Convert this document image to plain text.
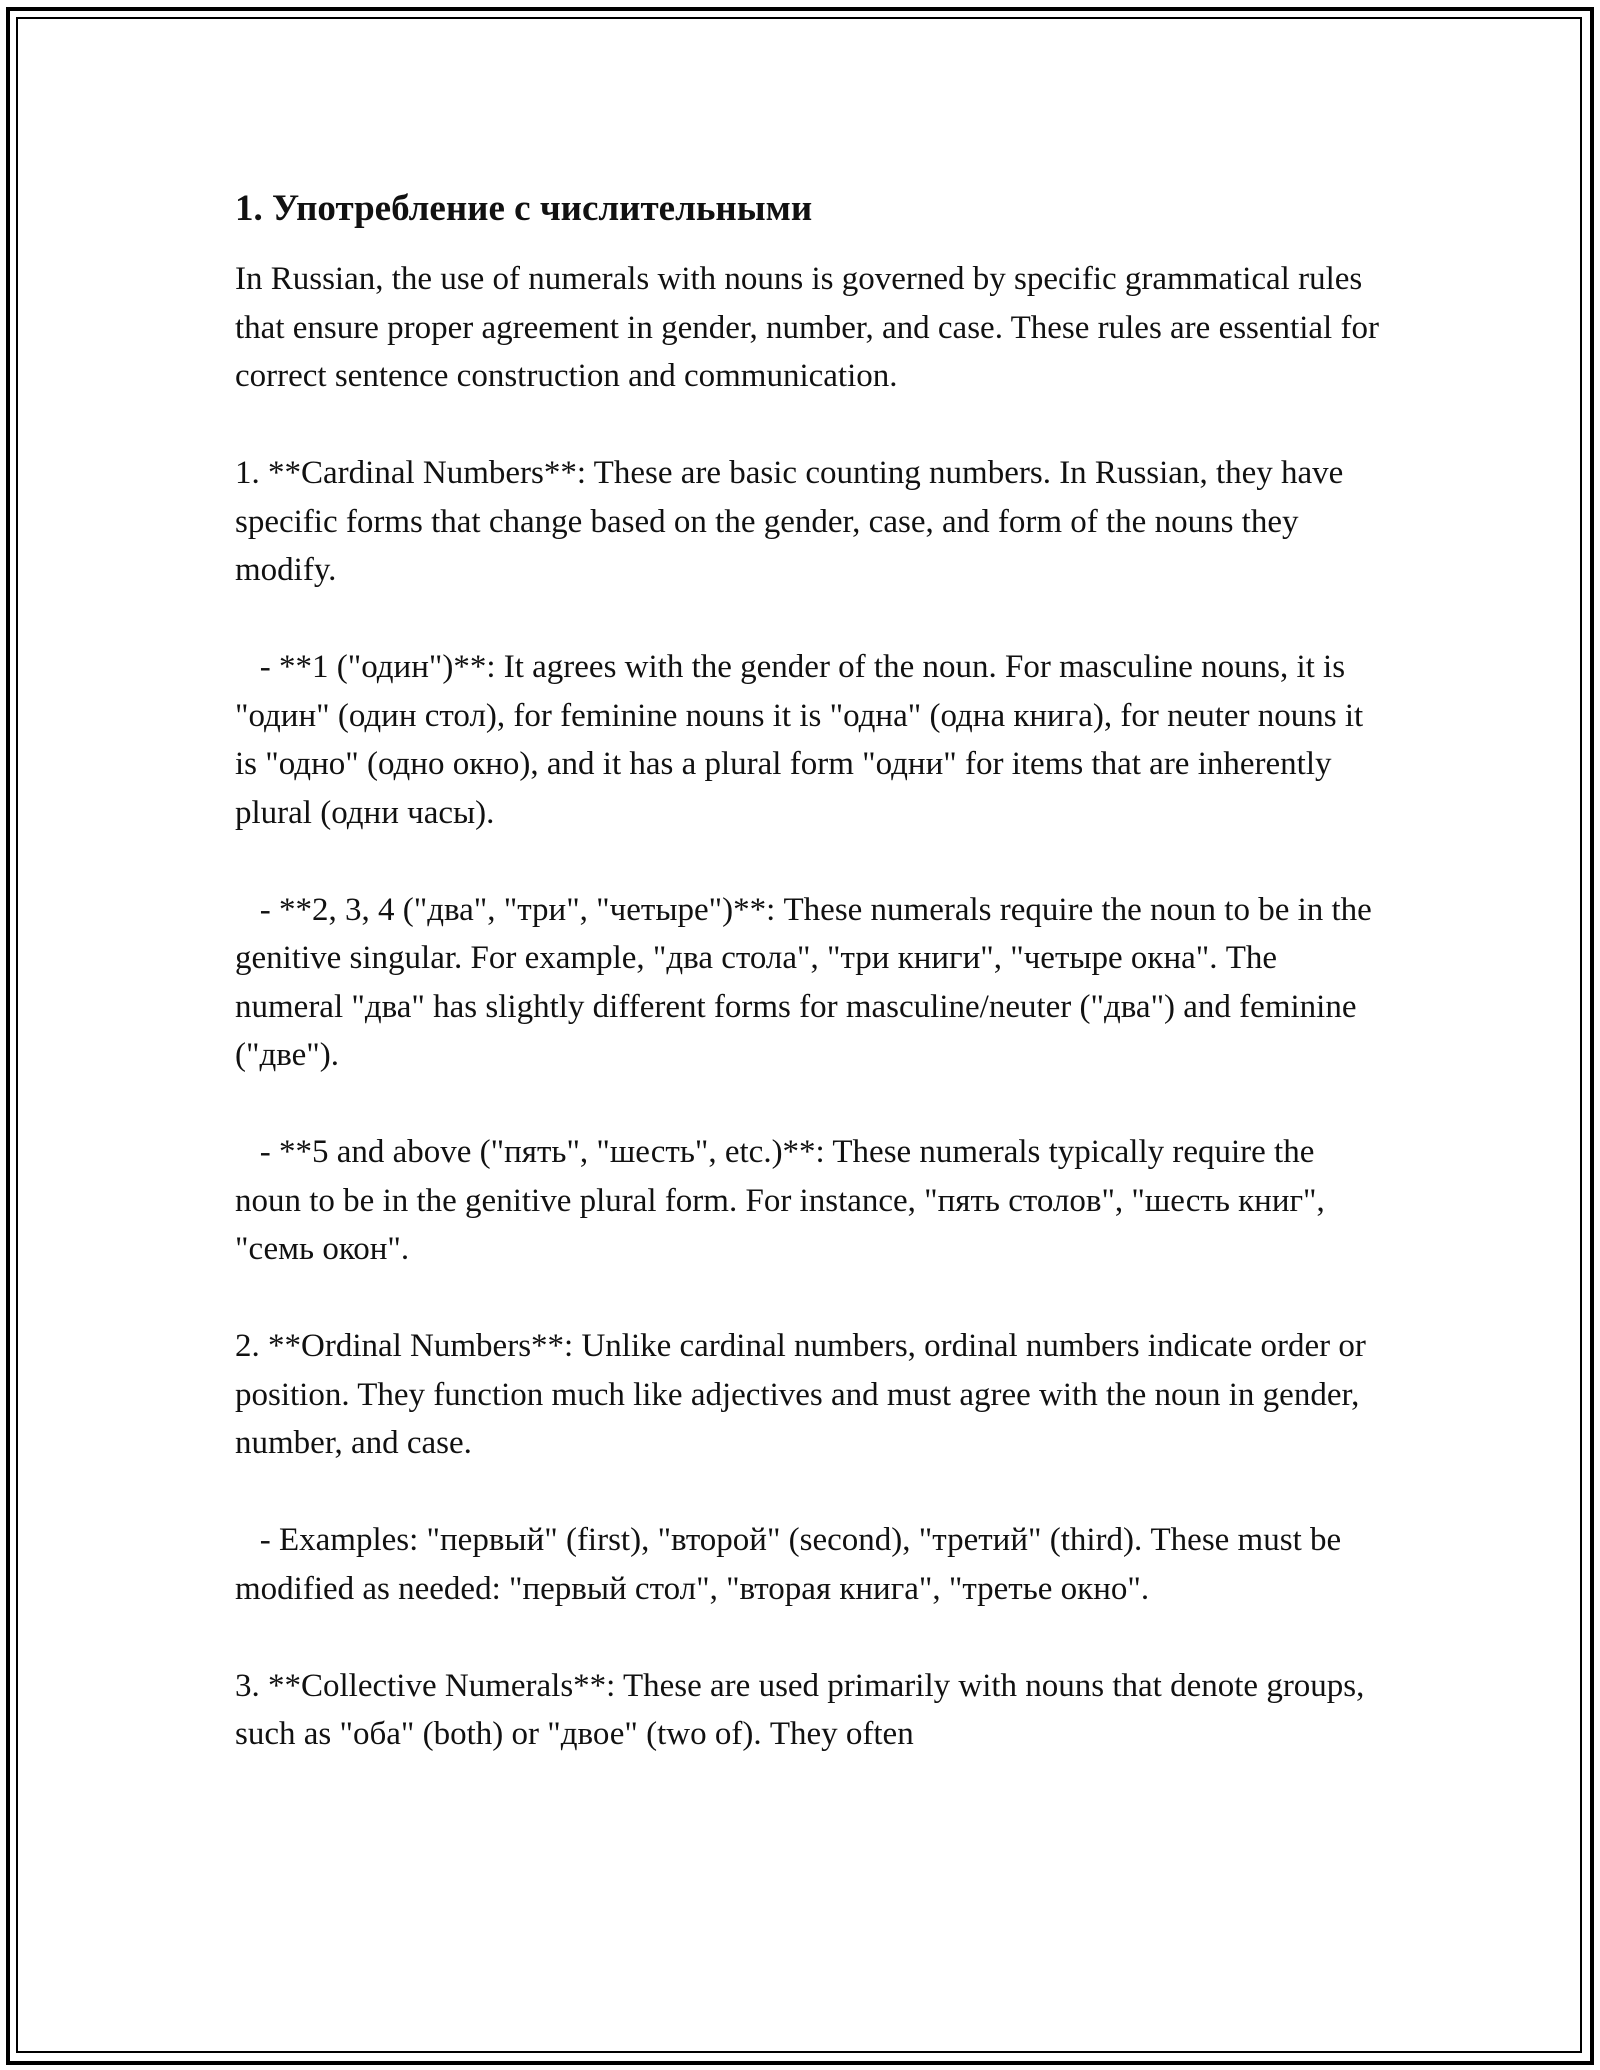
1. Употребление с числительными
In Russian, the use of numerals with nouns is governed by specific grammatical rules that ensure proper agreement in gender, number, and case. These rules are essential for correct sentence construction and communication.
1. **Cardinal Numbers**: These are basic counting numbers. In Russian, they have specific forms that change based on the gender, case, and form of the nouns they modify.
- **1 ("один")**: It agrees with the gender of the noun. For masculine nouns, it is "один" (один стол), for feminine nouns it is "одна" (одна книга), for neuter nouns it is "одно" (одно окно), and it has a plural form "одни" for items that are inherently plural (одни часы).
- **2, 3, 4 ("два", "три", "четыре")**: These numerals require the noun to be in the genitive singular. For example, "два стола", "три книги", "четыре окна". The numeral "два" has slightly different forms for masculine/neuter ("два") and feminine ("две").
- **5 and above ("пять", "шесть", etc.)**: These numerals typically require the noun to be in the genitive plural form. For instance, "пять столов", "шесть книг", "семь окон".
2. **Ordinal Numbers**: Unlike cardinal numbers, ordinal numbers indicate order or position. They function much like adjectives and must agree with the noun in gender, number, and case.
- Examples: "первый" (first), "второй" (second), "третий" (third). These must be modified as needed: "первый стол", "вторая книга", "третье окно".
3. **Collective Numerals**: These are used primarily with nouns that denote groups, such as "оба" (both) or "двое" (two of). They often
